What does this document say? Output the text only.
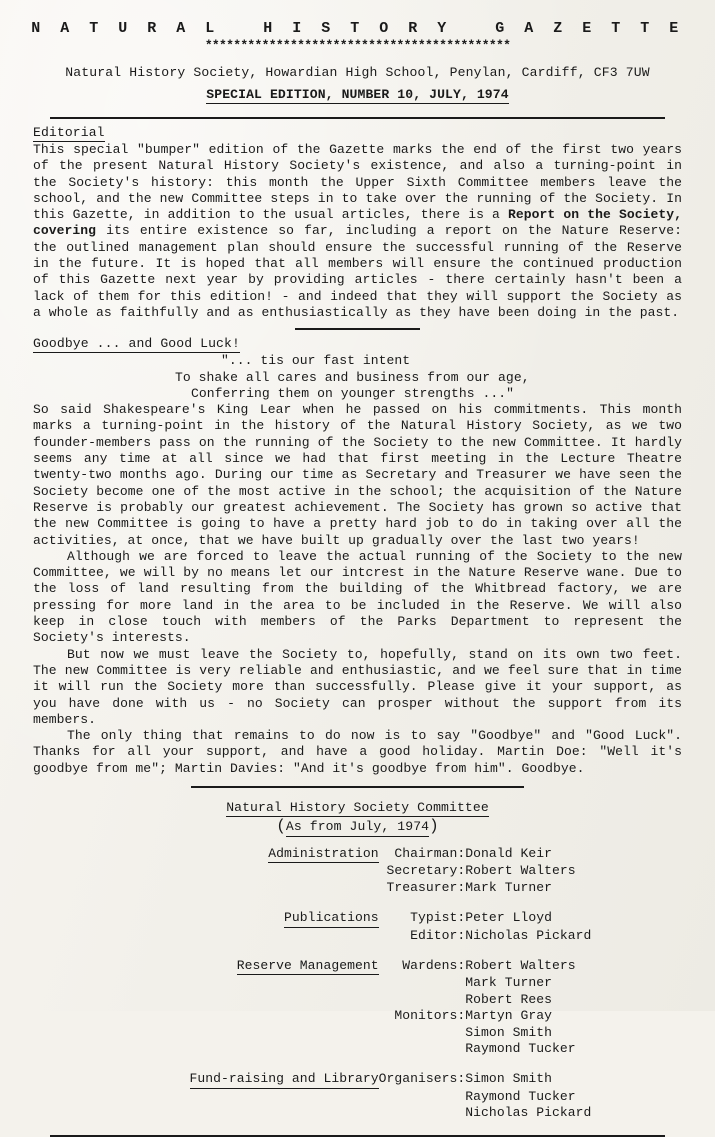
N A T U R A L   H I S T O R Y   G A Z E T T E
*******************************************
Natural History Society, Howardian High School, Penylan, Cardiff, CF3 7UW
SPECIAL EDITION, NUMBER 10, JULY, 1974
Editorial

This special "bumper" edition of the Gazette marks the end of the first two years of the present Natural History Society's existence, and also a turning-point in the Society's history: this month the Upper Sixth Committee members leave the school, and the new Committee steps in to take over the running of the Society. In this Gazette, in addition to the usual articles, there is a Report on the Society, covering its entire existence so far, including a report on the Nature Reserve: the outlined management plan should ensure the successful running of the Reserve in the future. It is hoped that all members will ensure the continued production of this Gazette next year by providing articles - there certainly hasn't been a lack of them for this edition! - and indeed that they will support the Society as a whole as faithfully and as enthusiastically as they have been doing in the past.

Goodbye ... and Good Luck!
"... tis our fast intent
To shake all cares and business from our age,
Conferring them on younger strengths ..."

So said Shakespeare's King Lear when he passed on his commitments. This month marks a turning-point in the history of the Natural History Society, as we two founder-members pass on the running of the Society to the new Committee. It hardly seems any time at all since we had that first meeting in the Lecture Theatre twenty-two months ago. During our time as Secretary and Treasurer we have seen the Society become one of the most active in the school; the acquisition of the Nature Reserve is probably our greatest achievement. The Society has grown so active that the new Committee is going to have a pretty hard job to do in taking over all the activities, at once, that we have built up gradually over the last two years!

Although we are forced to leave the actual running of the Society to the new Committee, we will by no means let our intcrest in the Nature Reserve wane. Due to the loss of land resulting from the building of the Whitbread factory, we are pressing for more land in the area to be included in the Reserve. We will also keep in close touch with members of the Parks Department to represent the Society's interests.

But now we must leave the Society to, hopefully, stand on its own two feet. The new Committee is very reliable and enthusiastic, and we feel sure that in time it will run the Society more than successfully. Please give it your support, as you have done with us - no Society can prosper without the support from its members.

The only thing that remains to do now is to say "Goodbye" and "Good Luck". Thanks for all your support, and have a good holiday. Martin Doe: "Well it's goodbye from me"; Martin Davies: "And it's goodbye from him". Goodbye.

Natural History Society Committee
(As from July, 1974)
Administration	Chairman:	Donald Keir
	Secretary:	Robert Walters
	Treasurer:	Mark Turner

Publications	Typist:	Peter Lloyd
	Editor:	Nicholas Pickard

Reserve Management	Wardens:	Robert Walters
		Mark Turner
		Robert Rees
	Monitors:	Martyn Gray
		Simon Smith
		Raymond Tucker

Fund-raising and Library	Organisers:	Simon Smith
		Raymond Tucker
		Nicholas Pickard
